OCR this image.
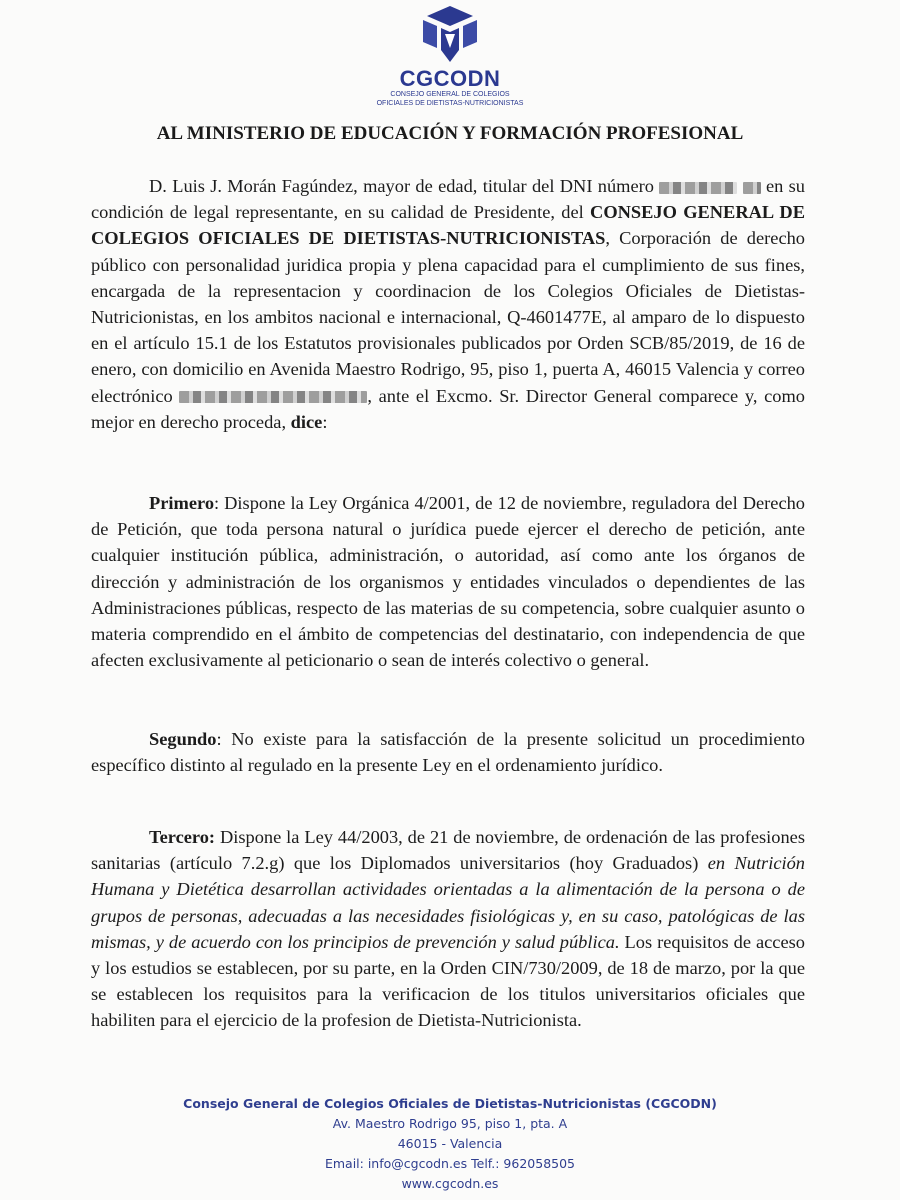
CGCODN
CONSEJO GENERAL DE COLEGIOS
OFICIALES DE DIETISTAS-NUTRICIONISTAS
AL MINISTERIO DE EDUCACIÓN Y FORMACIÓN PROFESIONAL
D. Luis J. Morán Fagúndez, mayor de edad, titular del DNI número	en su condición de legal representante, en su calidad de Presidente, del CONSEJO GENERAL DE COLEGIOS OFICIALES DE DIETISTAS-NUTRICIONISTAS, Corporación de derecho público con personalidad juridica propia y plena capacidad para el cumplimiento de sus fines, encargada de la representacion y coordinacion de los Colegios Oficiales de Dietistas-Nutricionistas, en los ambitos nacional e internacional, Q-4601477E, al amparo de lo dispuesto en el artículo 15.1 de los Estatutos provisionales publicados por Orden SCB/85/2019, de 16 de enero, con domicilio en Avenida Maestro Rodrigo, 95, piso 1, puerta A, 46015 Valencia y correo electrónico	, ante el Excmo. Sr. Director General comparece y, como mejor en derecho proceda, dice:
Primero: Dispone la Ley Orgánica 4/2001, de 12 de noviembre, reguladora del Derecho de Petición, que toda persona natural o jurídica puede ejercer el derecho de petición, ante cualquier institución pública, administración, o autoridad, así como ante los órganos de dirección y administración de los organismos y entidades vinculados o dependientes de las Administraciones públicas, respecto de las materias de su competencia, sobre cualquier asunto o materia comprendido en el ámbito de competencias del destinatario, con independencia de que afecten exclusivamente al peticionario o sean de interés colectivo o general.
Segundo: No existe para la satisfacción de la presente solicitud un procedimiento específico distinto al regulado en la presente Ley en el ordenamiento jurídico.
Tercero: Dispone la Ley 44/2003, de 21 de noviembre, de ordenación de las profesiones sanitarias (artículo 7.2.g) que los Diplomados universitarios (hoy Graduados) en Nutrición Humana y Dietética desarrollan actividades orientadas a la alimentación de la persona o de grupos de personas, adecuadas a las necesidades fisiológicas y, en su caso, patológicas de las mismas, y de acuerdo con los principios de prevención y salud pública. Los requisitos de acceso y los estudios se establecen, por su parte, en la Orden CIN/730/2009, de 18 de marzo, por la que se establecen los requisitos para la verificacion de los titulos universitarios oficiales que habiliten para el ejercicio de la profesion de Dietista-Nutricionista.
Consejo General de Colegios Oficiales de Dietistas-Nutricionistas (CGCODN)
Av. Maestro Rodrigo 95, piso 1, pta. A
46015 - Valencia
Email: info@cgcodn.es Telf.: 962058505
www.cgcodn.es
